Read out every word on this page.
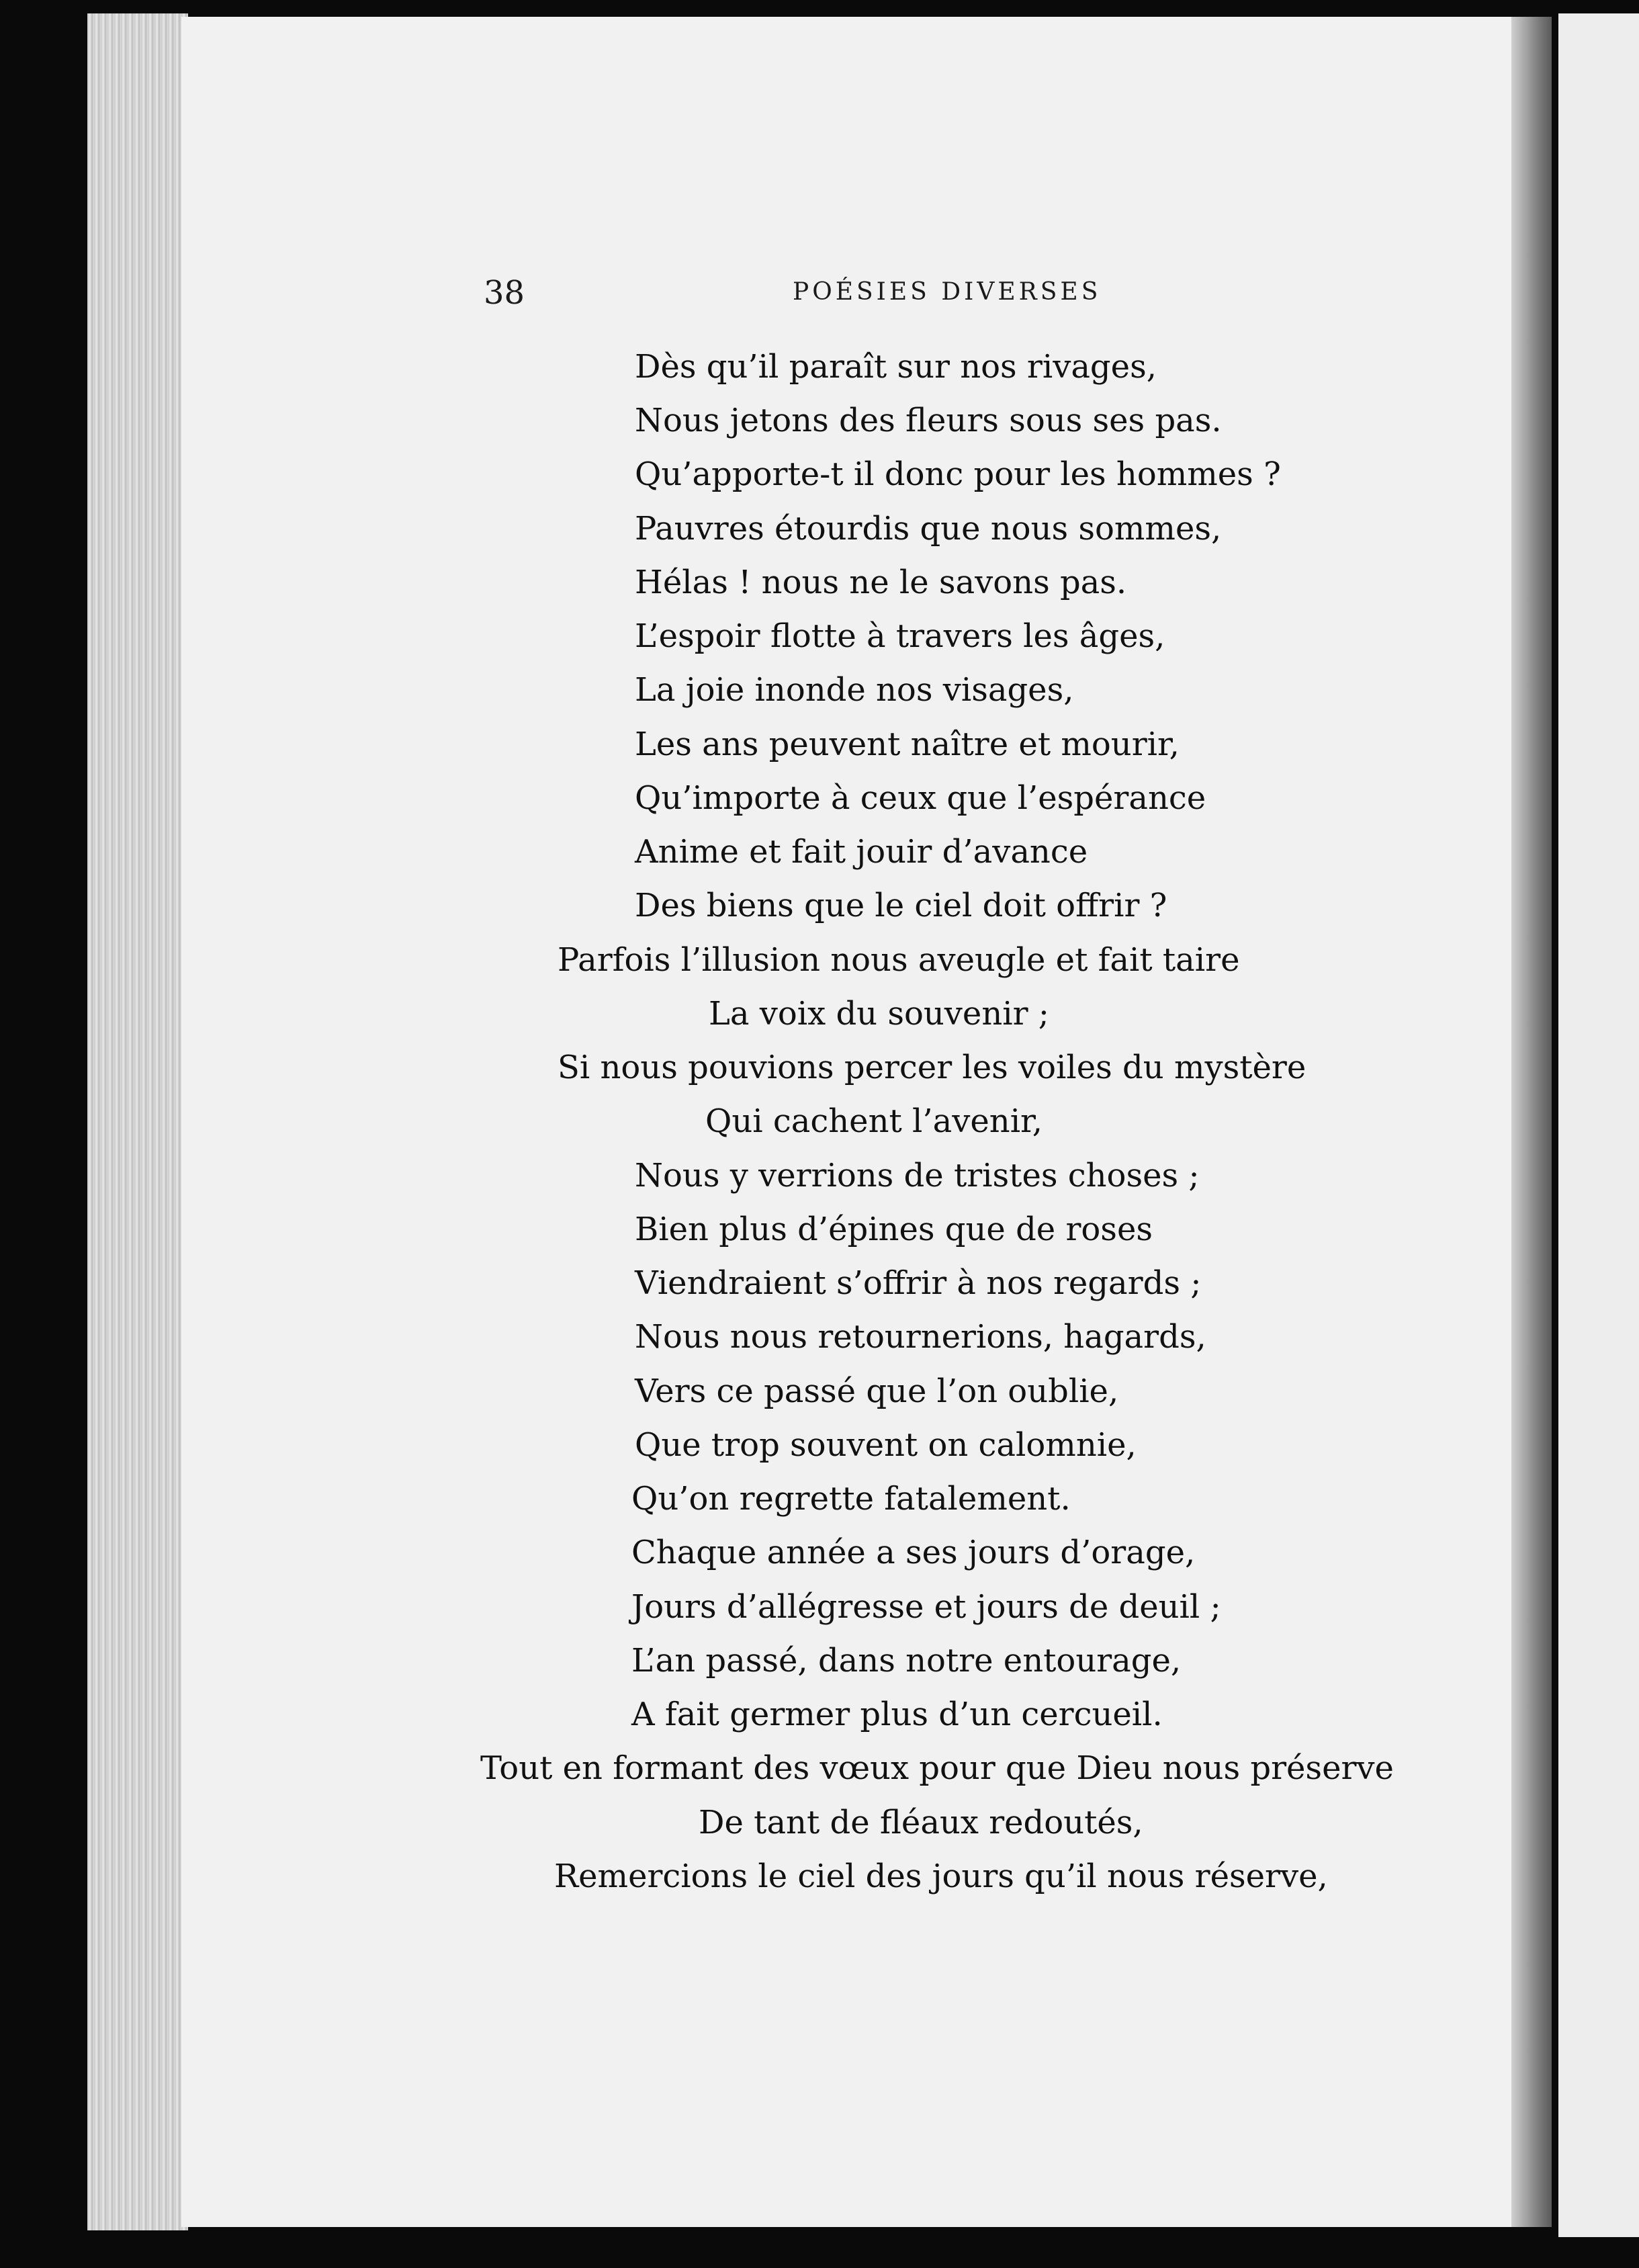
38	POÉSIES DIVERSES
Dès qu’il paraît sur nos rivages,
Nous jetons des fleurs sous ses pas.
Qu’apporte-t il donc pour les hommes ?
Pauvres étourdis que nous sommes,
Hélas ! nous ne le savons pas.
L’espoir flotte à travers les âges,
La joie inonde nos visages,
Les ans peuvent naître et mourir,
Qu’importe à ceux que l’espérance
Anime et fait jouir d’avance
Des biens que le ciel doit offrir ?
Parfois l’illusion nous aveugle et fait taire
La voix du souvenir ;
Si nous pouvions percer les voiles du mystère
Qui cachent l’avenir,
Nous y verrions de tristes choses ;
Bien plus d’épines que de roses
Viendraient s’offrir à nos regards ;
Nous nous retournerions, hagards,
Vers ce passé que l’on oublie,
Que trop souvent on calomnie,
Qu’on regrette fatalement.
Chaque année a ses jours d’orage,
Jours d’allégresse et jours de deuil ;
L’an passé, dans notre entourage,
A fait germer plus d’un cercueil.
Tout en formant des vœux pour que Dieu nous préserve
De tant de fléaux redoutés,
Remercions le ciel des jours qu’il nous réserve,
